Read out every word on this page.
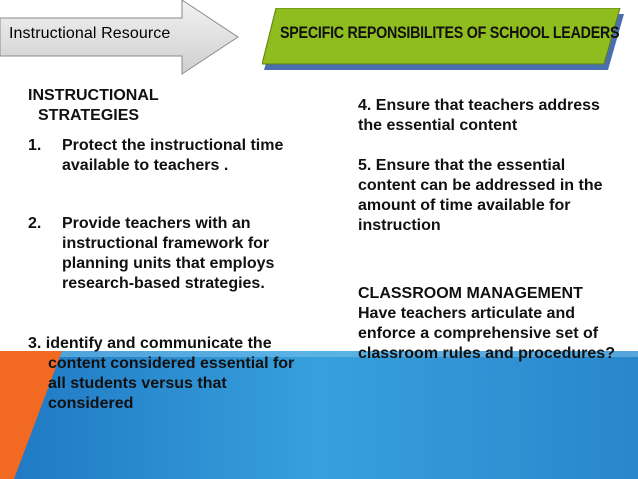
Instructional Resource	SPECIFIC REPONSIBILITES OF SCHOOL LEADERS
INSTRUCTIONAL
STRATEGIES
1. Protect the instructional time available to teachers .
2. Provide teachers with an instructional framework for planning units that employs research-based strategies.
3. identify and communicate the content considered essential for all students versus that considered

4. Ensure that teachers address the essential content

5. Ensure that the essential content can be addressed in the amount of time available for instruction

CLASSROOM MANAGEMENT

Have teachers articulate and enforce a comprehensive set of classroom rules and procedures?
